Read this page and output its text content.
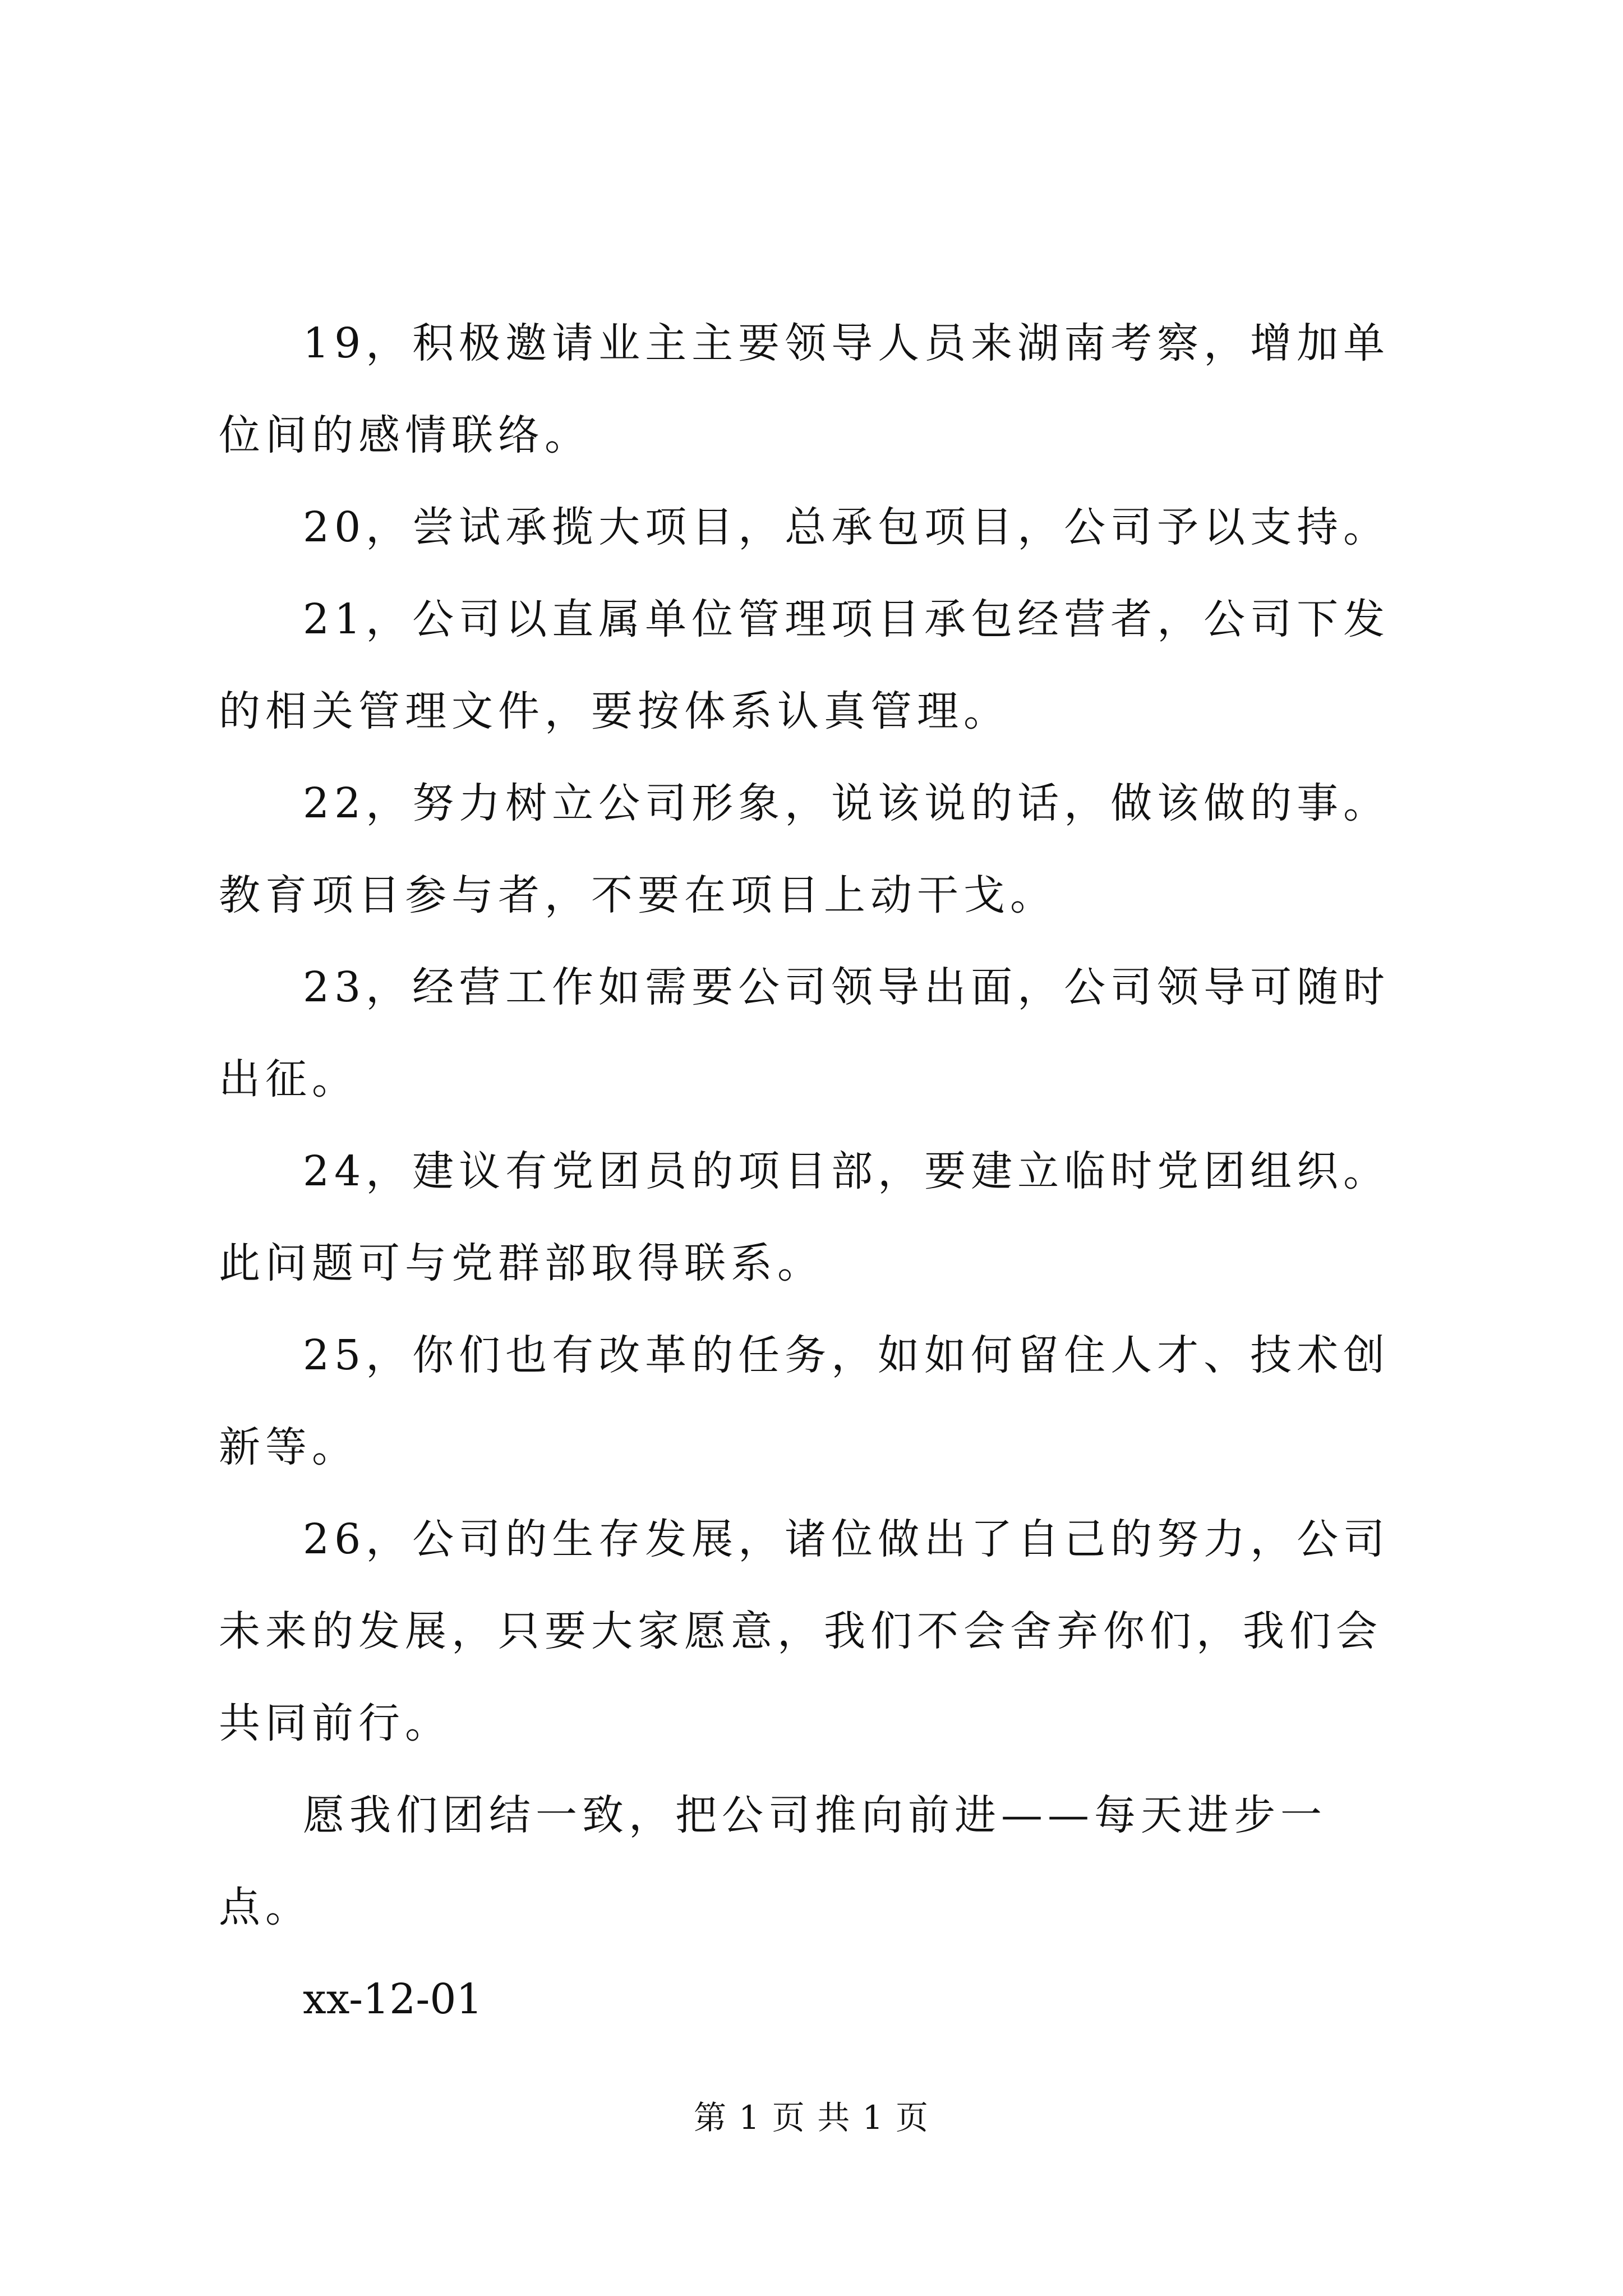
19，积极邀请业主主要领导人员来湖南考察，增加单位间的感情联络。

20，尝试承揽大项目，总承包项目，公司予以支持。

21，公司以直属单位管理项目承包经营者，公司下发的相关管理文件，要按体系认真管理。

22，努力树立公司形象，说该说的话，做该做的事。教育项目参与者，不要在项目上动干戈。

23，经营工作如需要公司领导出面，公司领导可随时出征。

24，建议有党团员的项目部，要建立临时党团组织。此问题可与党群部取得联系。

25，你们也有改革的任务，如如何留住人才、技术创新等。

26，公司的生存发展，诸位做出了自己的努力，公司未来的发展，只要大家愿意，我们不会舍弃你们，我们会共同前行。

愿我们团结一致，把公司推向前进——每天进步一点。

xx-12-01

第 1 页 共 1 页
